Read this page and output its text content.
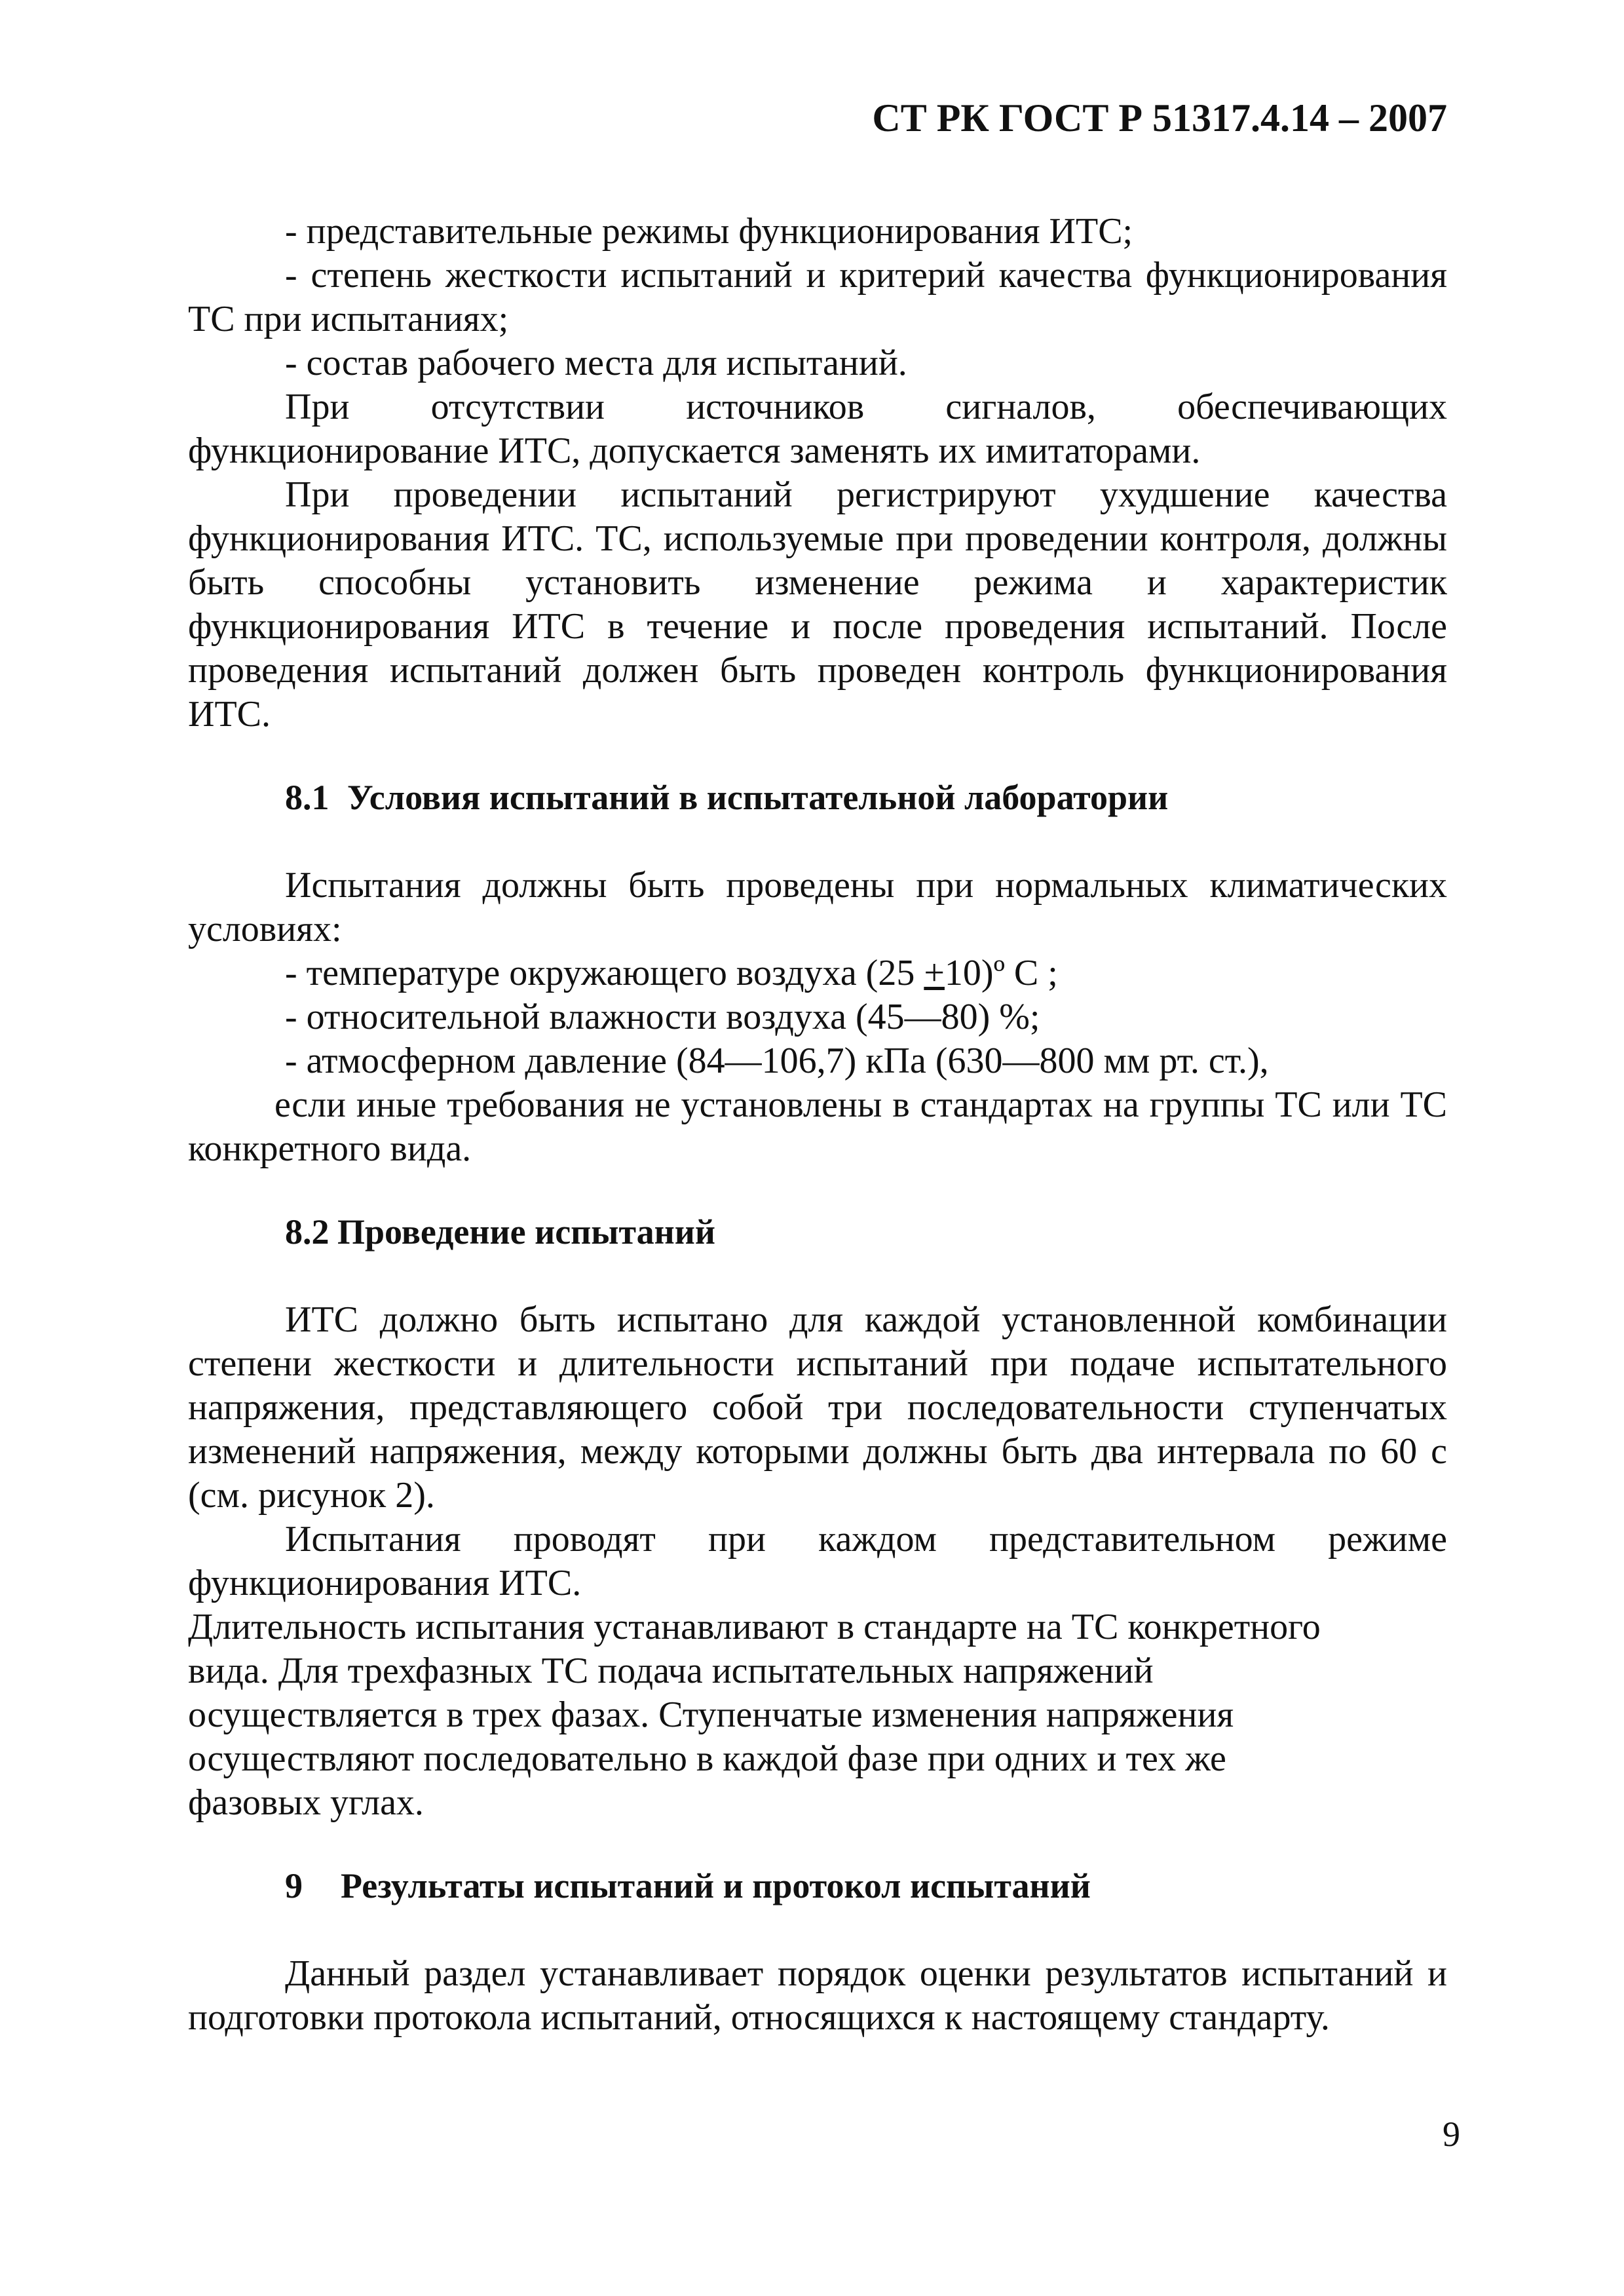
СТ РК ГОСТ Р 51317.4.14 – 2007

- представительные режимы функционирования ИТС;

- степень жесткости испытаний и критерий качества функционирования ТС при испытаниях;

- состав рабочего места для испытаний.

При отсутствии источников сигналов, обеспечивающих функционирование ИТС, допускается заменять их имитаторами.

При проведении испытаний регистрируют ухудшение качества функционирования ИТС. ТС, используемые при проведении контроля, должны быть способны установить изменение режима и характеристик функционирования ИТС в течение и после проведения испытаний. После проведения испытаний должен быть проведен контроль функционирования ИТС.

8.1 Условия испытаний в испытательной лаборатории

Испытания должны быть проведены при нормальных климатических условиях:

- температуре окружающего воздуха (25 +10)º C ;

- относительной влажности воздуха (45—80) %;

- атмосферном давление (84—106,7) кПа (630—800 мм рт. ст.),

если иные требования не установлены в стандартах на группы ТС или ТС конкретного вида.

8.2 Проведение испытаний

ИТС должно быть испытано для каждой установленной комбинации степени жесткости и длительности испытаний при подаче испытательного напряжения, представляющего собой три последовательности ступенчатых изменений напряжения, между которыми должны быть два интервала по 60 с (см. рисунок 2).

Испытания проводят при каждом представительном режиме функционирования ИТС.

Длительность испытания устанавливают в стандарте на ТС конкретного

вида. Для трехфазных ТС подача испытательных напряжений

осуществляется в трех фазах. Ступенчатые изменения напряжения

осуществляют последовательно в каждой фазе при одних и тех же

фазовых углах.

9 Результаты испытаний и протокол испытаний

Данный раздел устанавливает порядок оценки результатов испытаний и подготовки протокола испытаний, относящихся к настоящему стандарту.

9
